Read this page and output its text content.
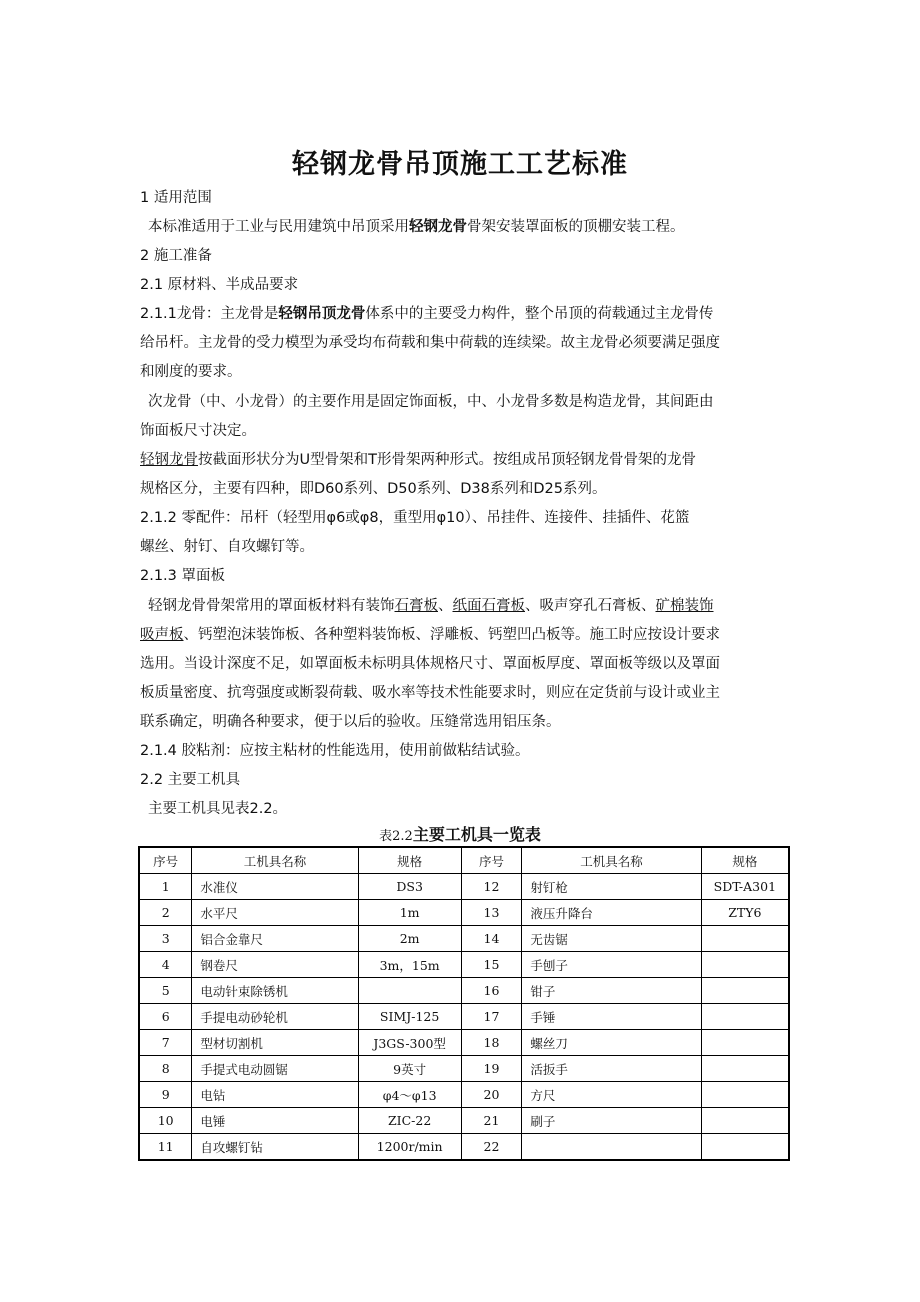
轻钢龙骨吊顶施工工艺标准
1 适用范围
本标准适用于工业与民用建筑中吊顶采用轻钢龙骨骨架安装罩面板的顶棚安装工程。
2 施工准备
2.1 原材料、半成品要求
2.1.1龙骨：主龙骨是轻钢吊顶龙骨体系中的主要受力构件，整个吊顶的荷载通过主龙骨传
给吊杆。主龙骨的受力模型为承受均布荷载和集中荷载的连续梁。故主龙骨必须要满足强度
和刚度的要求。
次龙骨（中、小龙骨）的主要作用是固定饰面板，中、小龙骨多数是构造龙骨，其间距由
饰面板尺寸决定。
轻钢龙骨按截面形状分为U型骨架和T形骨架两种形式。按组成吊顶轻钢龙骨骨架的龙骨
规格区分，主要有四种，即D60系列、D50系列、D38系列和D25系列。
2.1.2 零配件：吊杆（轻型用φ6或φ8，重型用φ10）、吊挂件、连接件、挂插件、花篮
螺丝、射钉、自攻螺钉等。
2.1.3 罩面板
轻钢龙骨骨架常用的罩面板材料有装饰石膏板、纸面石膏板、吸声穿孔石膏板、矿棉装饰
吸声板、钙塑泡沫装饰板、各种塑料装饰板、浮雕板、钙塑凹凸板等。施工时应按设计要求
选用。当设计深度不足，如罩面板未标明具体规格尺寸、罩面板厚度、罩面板等级以及罩面
板质量密度、抗弯强度或断裂荷载、吸水率等技术性能要求时，则应在定货前与设计或业主
联系确定，明确各种要求，便于以后的验收。压缝常选用铝压条。
2.1.4 胶粘剂：应按主粘材的性能选用，使用前做粘结试验。
2.2 主要工机具
主要工机具见表2.2。
表2.2主要工机具一览表
序号	工机具名称	规格	序号	工机具名称	规格
1	水准仪	DS3	12	射钉枪	SDT-A301
2	水平尺	1m	13	液压升降台	ZTY6
3	铝合金靠尺	2m	14	无齿锯	
4	钢卷尺	3m，15m	15	手刨子	
5	电动针束除锈机		16	钳子	
6	手提电动砂轮机	SIMJ-125	17	手锤	
7	型材切割机	J3GS-300型	18	螺丝刀	
8	手提式电动圆锯	9英寸	19	活扳手	
9	电钻	φ4～φ13	20	方尺	
10	电锤	ZIC-22	21	刷子	
11	自攻螺钉钻	1200r/min	22		
